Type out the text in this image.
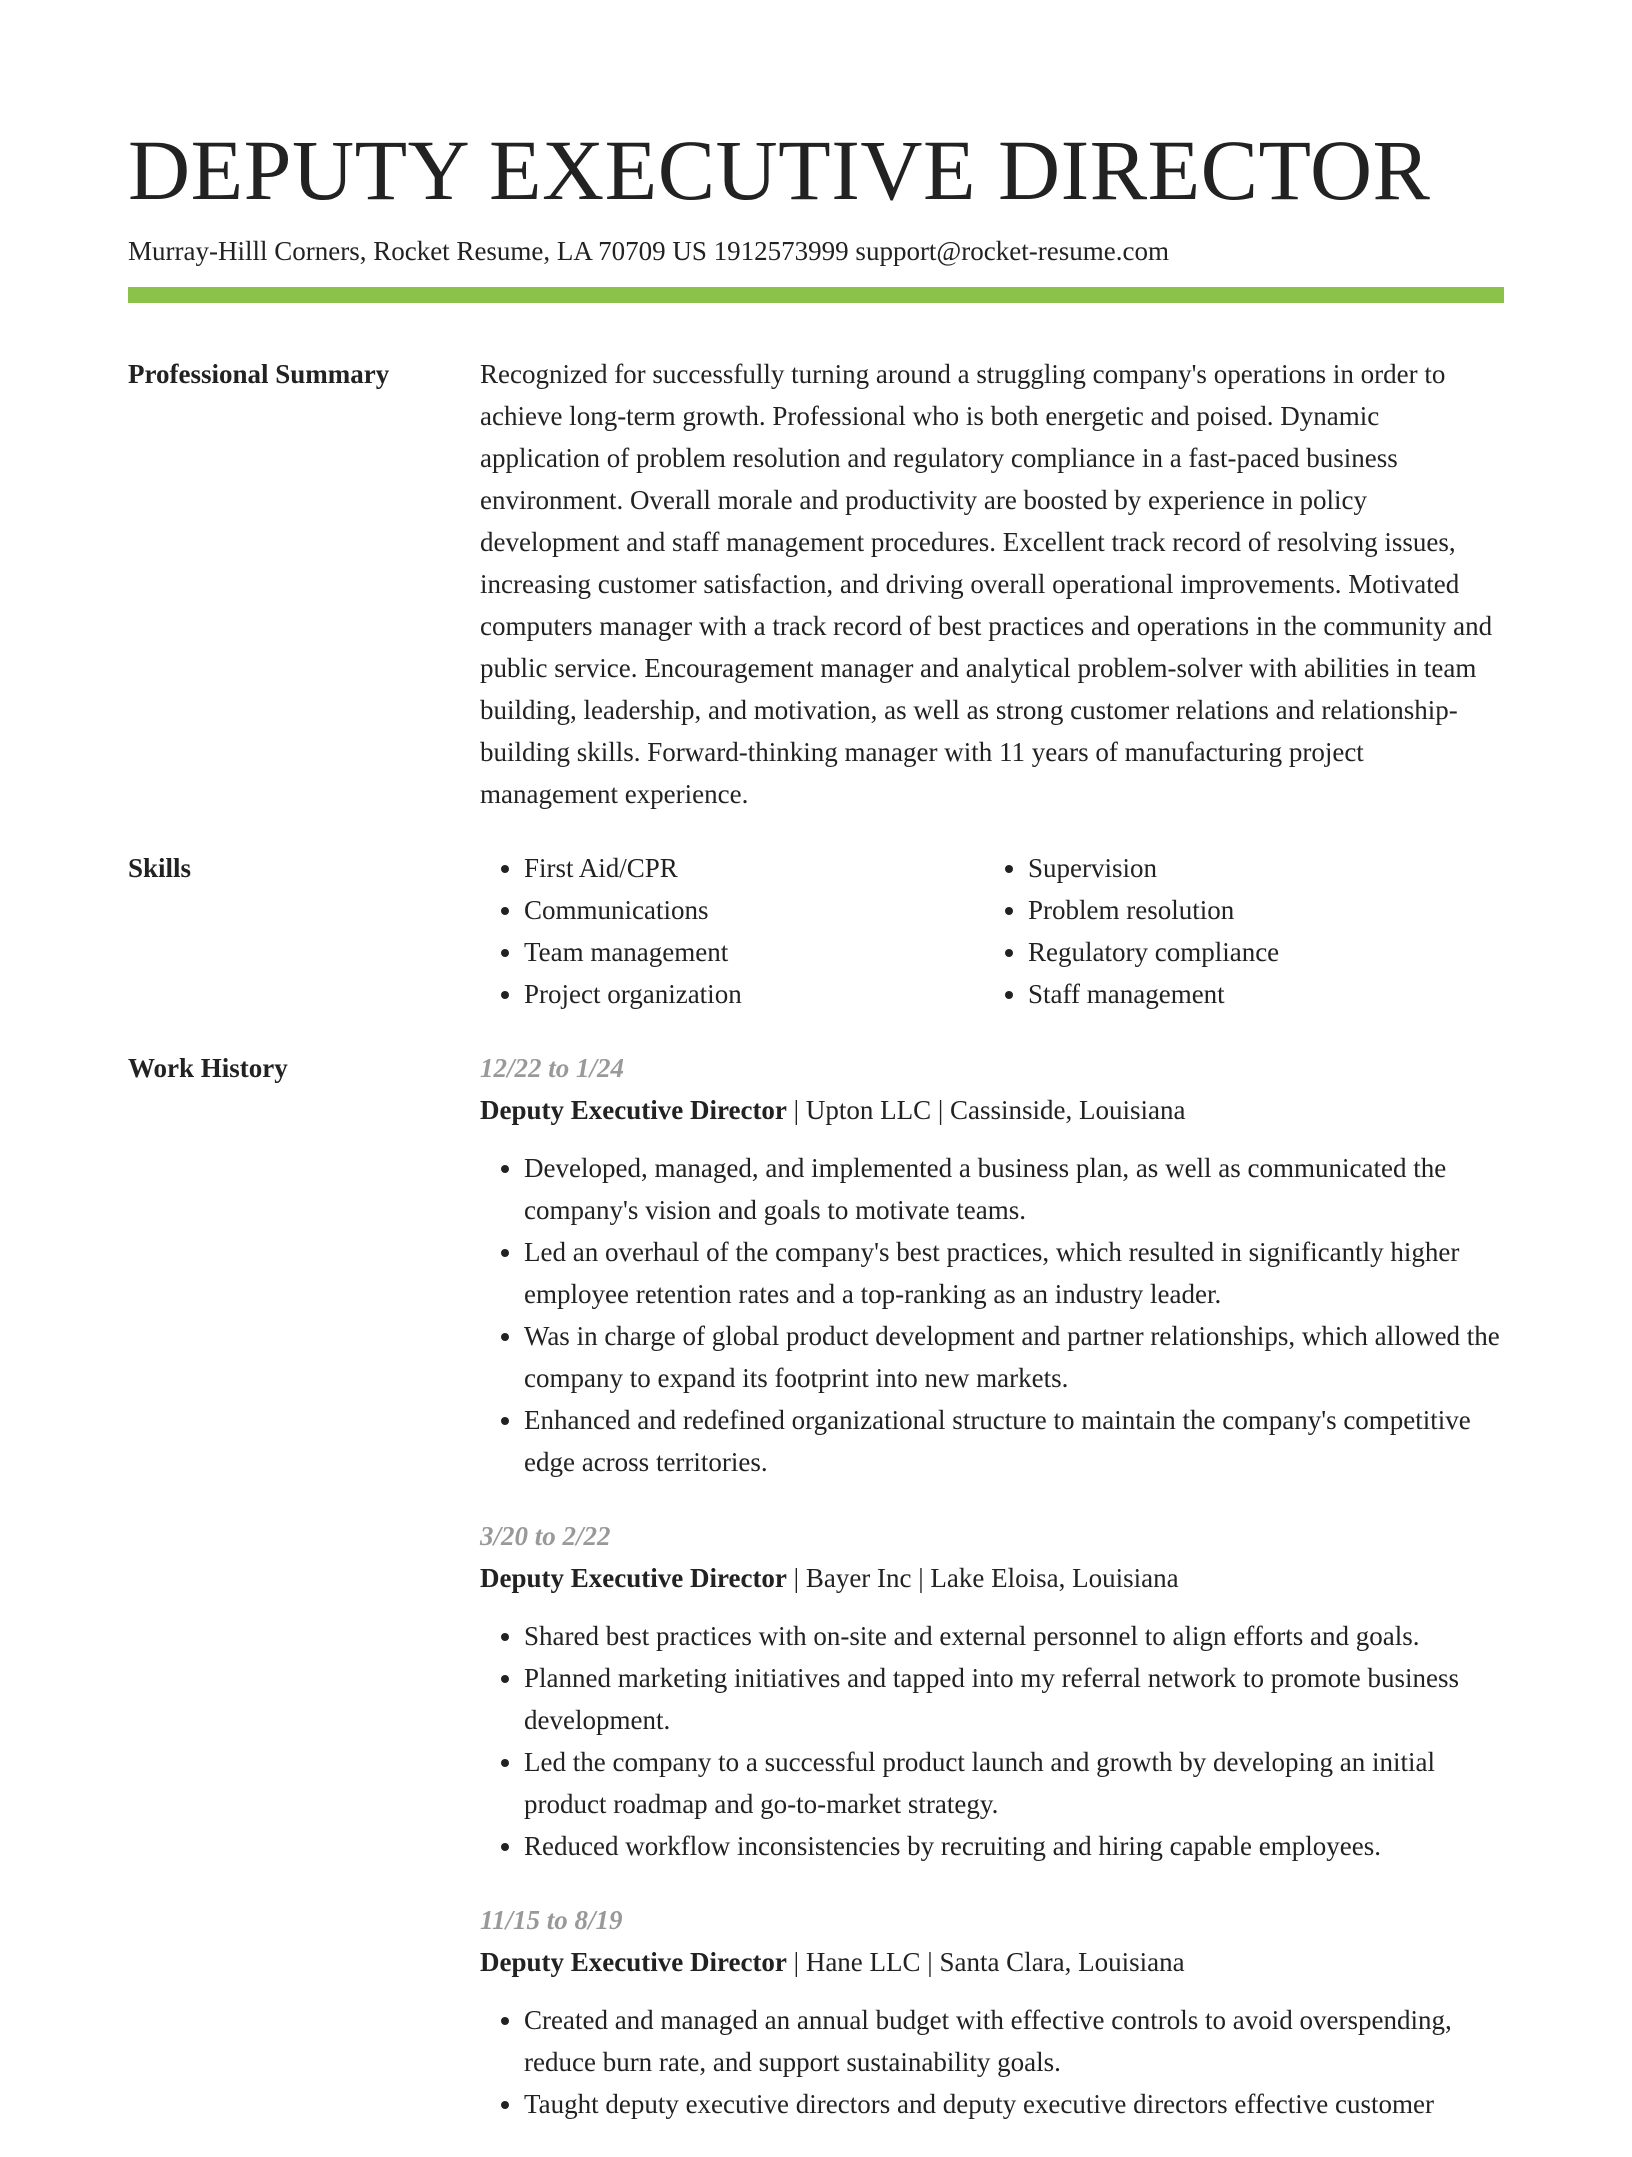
DEPUTY EXECUTIVE DIRECTOR
Murray-Hilll Corners, Rocket Resume, LA 70709 US 1912573999 support@rocket-resume.com
Professional Summary	Recognized for successfully turning around a struggling company's operations in order to achieve long-term growth. Professional who is both energetic and poised. Dynamic application of problem resolution and regulatory compliance in a fast-paced business environment. Overall morale and productivity are boosted by experience in policy development and staff management procedures. Excellent track record of resolving issues, increasing customer satisfaction, and driving overall operational improvements. Motivated computers manager with a track record of best practices and operations in the community and public service. Encouragement manager and analytical problem-solver with abilities in team building, leadership, and motivation, as well as strong customer relations and relationship-building skills. Forward-thinking manager with 11 years of manufacturing project management experience.

Skills
•	First Aid/CPR
• Communications
• Team management
• Project organization
• Supervision
• Problem resolution
• Regulatory compliance
• Staff management
Work History	12/22 to 1/24
Deputy Executive Director | Upton LLC | Cassinside, Louisiana
• Developed, managed, and implemented a business plan, as well as communicated the company's vision and goals to motivate teams.
• Led an overhaul of the company's best practices, which resulted in significantly higher employee retention rates and a top-ranking as an industry leader.
• Was in charge of global product development and partner relationships, which allowed the company to expand its footprint into new markets.
• Enhanced and redefined organizational structure to maintain the company's competitive edge across territories.
3/20 to 2/22
Deputy Executive Director | Bayer Inc | Lake Eloisa, Louisiana
• Shared best practices with on-site and external personnel to align efforts and goals.
• Planned marketing initiatives and tapped into my referral network to promote business development.
• Led the company to a successful product launch and growth by developing an initial product roadmap and go-to-market strategy.
• Reduced workflow inconsistencies by recruiting and hiring capable employees.
11/15 to 8/19
Deputy Executive Director | Hane LLC | Santa Clara, Louisiana
• Created and managed an annual budget with effective controls to avoid overspending, reduce burn rate, and support sustainability goals.
• Taught deputy executive directors and deputy executive directors effective customer
